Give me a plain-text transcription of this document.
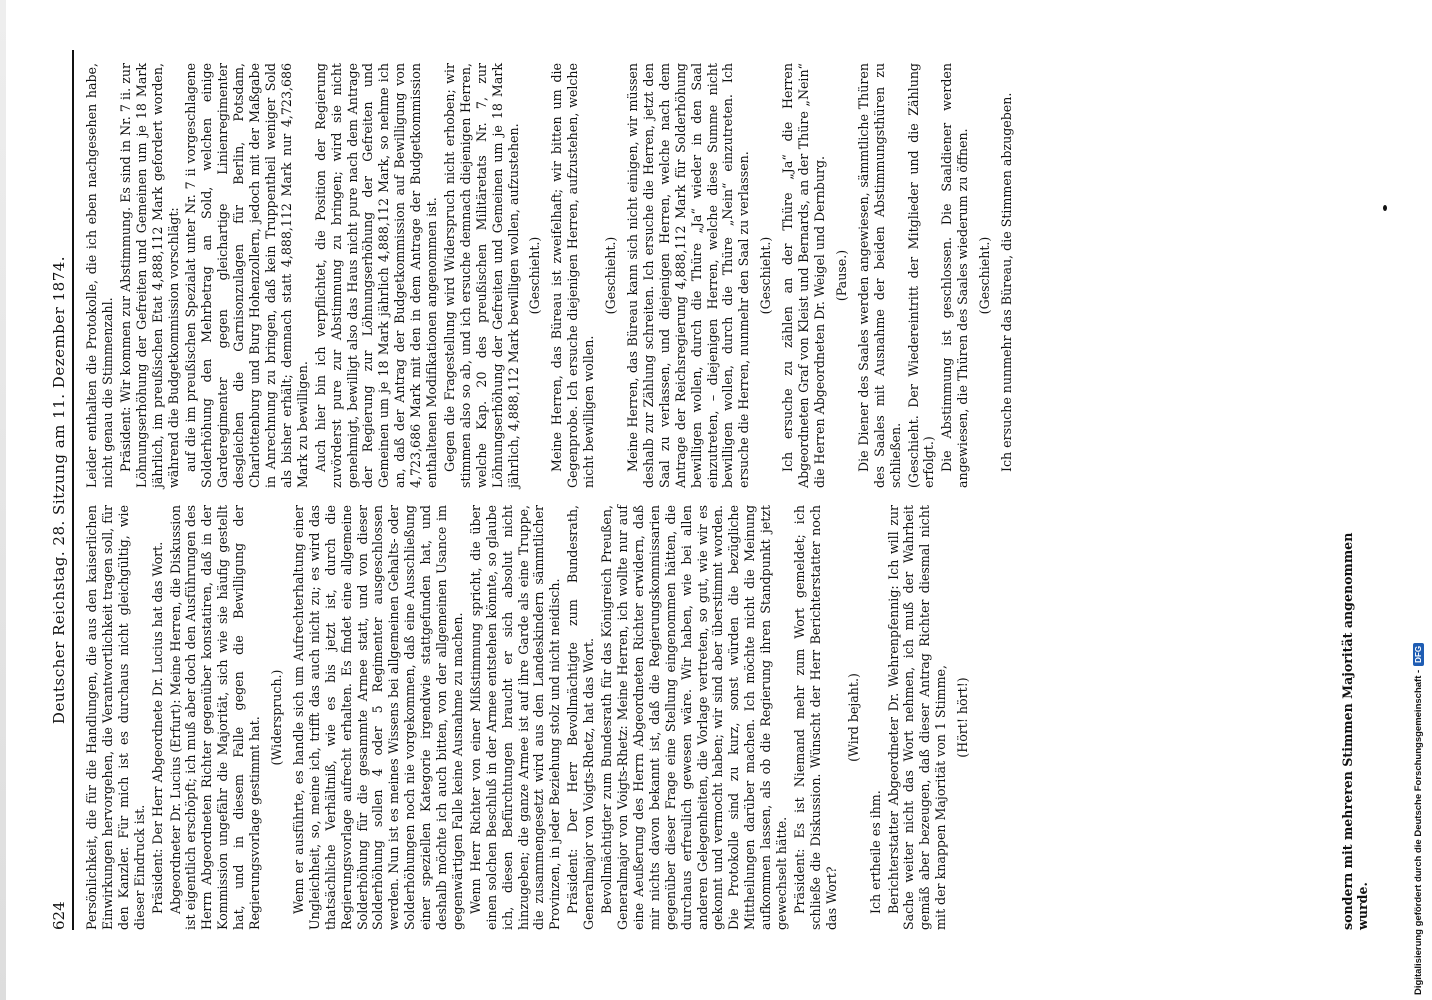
624
Deutscher Reichstag. 28. Sitzung am 11. Dezember 1874. Persönlichkeit, die für die Handlungen, die aus den kaiserlichen Einwirkungen hervorgehen, die Verantwortlichkeit tragen soll, für den Kanzler. Für mich ist es durchaus nicht gleichgültig, wie dieser Eindruck ist. Präsident: Der Herr Abgeordnete Dr. Lucius hat das Wort. Abgeordneter Dr. Lucius (Erfurt): Meine Herren, die Diskussion ist eigentlich erschöpft; ich muß aber doch den Ausführungen des Herrn Abgeordneten Richter gegenüber konstatiren, daß in der Kommission ungefähr die Majorität, sich wie sie häufig gestellt hat, und in diesem Falle gegen die Bewilligung der Regierungsvorlage gestimmt hat. (Widerspruch.) Wenn er ausführte, es handle sich um Aufrechterhaltung einer Ungleichheit, so, meine ich, trifft das auch nicht zu; es wird das thatsächliche Verhältniß, wie es bis jetzt ist, durch die Regierungsvorlage aufrecht erhalten. Es findet eine allgemeine Solderhöhung für die gesammte Armee statt, und von dieser Solderhöhung sollen 4 oder 5 Regimenter ausgeschlossen werden. Nun ist es meines Wissens bei allgemeinen Gehalts- oder Solderhöhungen noch nie vorgekommen, daß eine Ausschließung einer speziellen Kategorie irgendwie stattgefunden hat, und deshalb möchte ich auch bitten, von der allgemeinen Usance im gegenwärtigen Falle keine Ausnahme zu machen. Wenn Herr Richter von einer Mißstimmung spricht, die über einen solchen Beschluß in der Armee entstehen könnte, so glaube ich, diesen Befürchtungen braucht er sich absolut nicht hinzugeben; die ganze Armee ist auf ihre Garde als eine Truppe, die zusammengesetzt wird aus den Landeskindern sämmtlicher Provinzen, in jeder Beziehung stolz und nicht neidisch. Präsident: Der Herr Bevollmächtigte zum Bundesrath, Generalmajor von Voigts-Rhetz, hat das Wort. Bevollmächtigter zum Bundesrath für das Königreich Preußen, Generalmajor von Voigts-Rhetz: Meine Herren, ich wollte nur auf eine Aeußerung des Herrn Abgeordneten Richter erwidern, daß mir nichts davon bekannt ist, daß die Regierungskommissarien gegenüber dieser Frage eine Stellung eingenommen hätten, die durchaus erfreulich gewesen wäre. Wir haben, wie bei allen anderen Gelegenheiten, die Vorlage vertreten, so gut, wie wir es gekonnt und vermocht haben; wir sind aber überstimmt worden. Die Protokolle sind zu kurz, sonst würden die bezügliche Mittheilungen darüber machen. Ich möchte nicht die Meinung aufkommen lassen, als ob die Regierung ihren Standpunkt jetzt gewechselt hätte. Präsident: Es ist Niemand mehr zum Wort gemeldet; ich schließe die Diskussion. Wünscht der Herr Berichterstatter noch das Wort?

(Wird bejaht.)

Ich ertheile es ihm. Berichterstatter Abgeordneter Dr. Wehrenpfennig: Ich will zur Sache weiter nicht das Wort nehmen, ich muß der Wahrheit gemäß aber bezeugen, daß dieser Antrag Richter diesmal nicht mit der knappen Majorität von 1 Stimme, (Hört! hört!)

Leider enthalten die Protokolle, die ich eben nachgesehen habe, nicht genau die Stimmenzahl. Präsident: Wir kommen zur Abstimmung. Es sind in Nr. 7 ii. zur Löhnungserhöhung der Gefreiten und Gemeinen um je 18 Mark jährlich, im preußischen Etat 4,888,112 Mark gefordert worden, während die Budgetkommission vorschlägt: auf die im preußischen Spezialat unter Nr. 7 ii vorgeschlagene Solderhöhung den Mehrbetrag an Sold, welchen einige Garderegimenter gegen gleichartige Linienregimenter desgleichen die Garnisonzulagen für Berlin, Potsdam, Charlottenburg und Burg Hohenzollern, jedoch mit der Maßgabe in Anrechnung zu bringen, daß kein Truppentheil weniger Sold als bisher erhält; demnach statt 4,888,112 Mark nur 4,723,686 Mark zu bewilligen. Auch hier bin ich verpflichtet, die Position der Regierung zuvörderst pure zur Abstimmung zu bringen; wird sie nicht genehmigt, bewilligt also das Haus nicht pure nach dem Antrage der Regierung zur Löhnungserhöhung der Gefreiten und Gemeinen um je 18 Mark jährlich 4,888,112 Mark, so nehme ich an, daß der Antrag der Budgetkommission auf Bewilligung von 4,723,686 Mark mit den in dem Antrage der Budgetkommission enthaltenen Modifikationen angenommen ist. Gegen die Fragestellung wird Widerspruch nicht erhoben; wir stimmen also so ab, und ich ersuche demnach diejenigen Herren, welche Kap. 20 des preußischen Militäretats Nr. 7, zur Löhnungserhöhung der Gefreiten und Gemeinen um je 18 Mark jährlich, 4,888,112 Mark bewilligen wollen, aufzustehen. (Geschieht.) Meine Herren, das Büreau ist zweifelhaft; wir bitten um die Gegenprobe. Ich ersuche diejenigen Herren, aufzustehen, welche nicht bewilligen wollen.

(Geschieht.) Meine Herren, das Büreau kann sich nicht einigen, wir müssen deshalb zur Zählung schreiten. Ich ersuche die Herren, jetzt den Saal zu verlassen, und diejenigen Herren, welche nach dem Antrage der Reichsregierung 4,888,112 Mark für Solderhöhung bewilligen wollen, durch die Thüre „Ja“ wieder in den Saal einzutreten, – diejenigen Herren, welche diese Summe nicht bewilligen wollen, durch die Thüre „Nein“ einzutreten. Ich ersuche die Herren, nunmehr den Saal zu verlassen. (Geschieht.) Ich ersuche zu zählen an der Thüre „Ja“ die Herren Abgeordneten Graf von Kleist und Bernards, an der Thüre „Nein“ die Herren Abgeordneten Dr. Weigel und Dernburg. (Pause.) Die Diener des Saales werden angewiesen, sämmtliche Thüren des Saales mit Ausnahme der beiden Abstimmungsthüren zu schließen. (Geschieht. Der Wiedereintritt der Mitglieder und die Zählung erfolgt.) Die Abstimmung ist geschlossen. Die Saaldiener werden angewiesen, die Thüren des Saales wiederum zu öffnen. (Geschieht.) Ich ersuche nunmehr das Büreau, die Stimmen abzugeben.

sondern mit mehreren Stimmen Majorität angenommen wurde.	Digitalisierung gefördert durch die Deutsche Forschungsgemeinschaft -DFG
